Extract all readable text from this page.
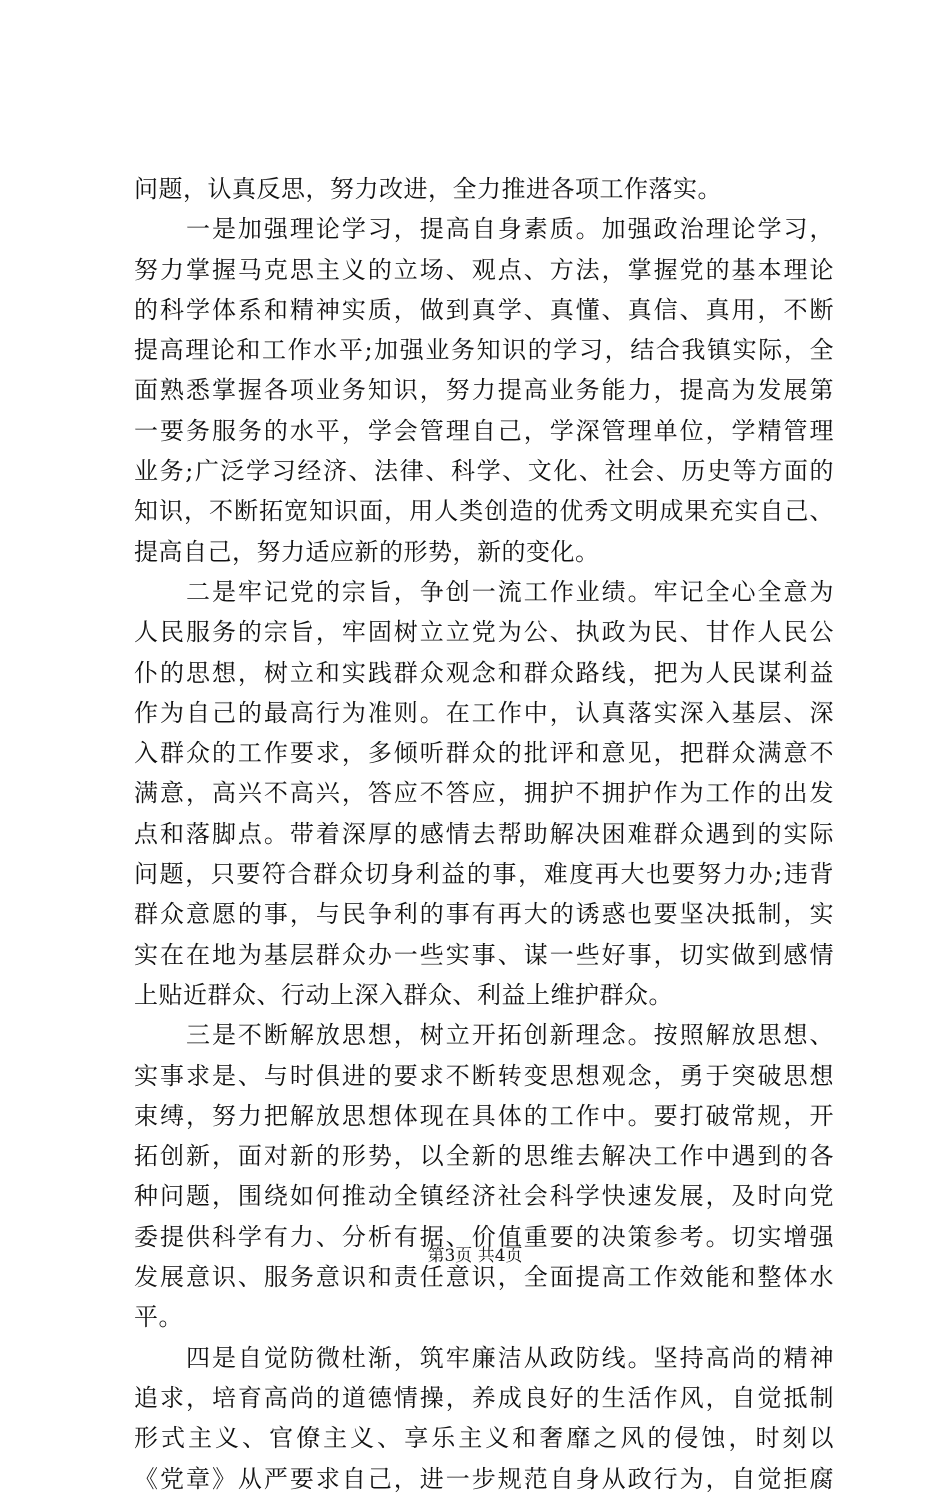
问题，认真反思，努力改进，全力推进各项工作落实。
　　一是加强理论学习，提高自身素质。加强政治理论学习，
努力掌握马克思主义的立场、观点、方法，掌握党的基本理论
的科学体系和精神实质，做到真学、真懂、真信、真用，不断
提高理论和工作水平;加强业务知识的学习，结合我镇实际，全
面熟悉掌握各项业务知识，努力提高业务能力，提高为发展第
一要务服务的水平，学会管理自己，学深管理单位，学精管理
业务;广泛学习经济、法律、科学、文化、社会、历史等方面的
知识，不断拓宽知识面，用人类创造的优秀文明成果充实自己、
提高自己，努力适应新的形势，新的变化。
　　二是牢记党的宗旨，争创一流工作业绩。牢记全心全意为
人民服务的宗旨，牢固树立立党为公、执政为民、甘作人民公
仆的思想，树立和实践群众观念和群众路线，把为人民谋利益
作为自己的最高行为准则。在工作中，认真落实深入基层、深
入群众的工作要求，多倾听群众的批评和意见，把群众满意不
满意，高兴不高兴，答应不答应，拥护不拥护作为工作的出发
点和落脚点。带着深厚的感情去帮助解决困难群众遇到的实际
问题，只要符合群众切身利益的事，难度再大也要努力办;违背
群众意愿的事，与民争利的事有再大的诱惑也要坚决抵制，实
实在在地为基层群众办一些实事、谋一些好事，切实做到感情
上贴近群众、行动上深入群众、利益上维护群众。
　　三是不断解放思想，树立开拓创新理念。按照解放思想、
实事求是、与时俱进的要求不断转变思想观念，勇于突破思想
束缚，努力把解放思想体现在具体的工作中。要打破常规，开
拓创新，面对新的形势，以全新的思维去解决工作中遇到的各
种问题，围绕如何推动全镇经济社会科学快速发展，及时向党
委提供科学有力、分析有据、价值重要的决策参考。切实增强
发展意识、服务意识和责任意识，全面提高工作效能和整体水
平。
　　四是自觉防微杜渐，筑牢廉洁从政防线。坚持高尚的精神
追求，培育高尚的道德情操，养成良好的生活作风，自觉抵制
形式主义、官僚主义、享乐主义和奢靡之风的侵蚀，时刻以
《党章》从严要求自己，进一步规范自身从政行为，自觉拒腐
第3页 共4页
